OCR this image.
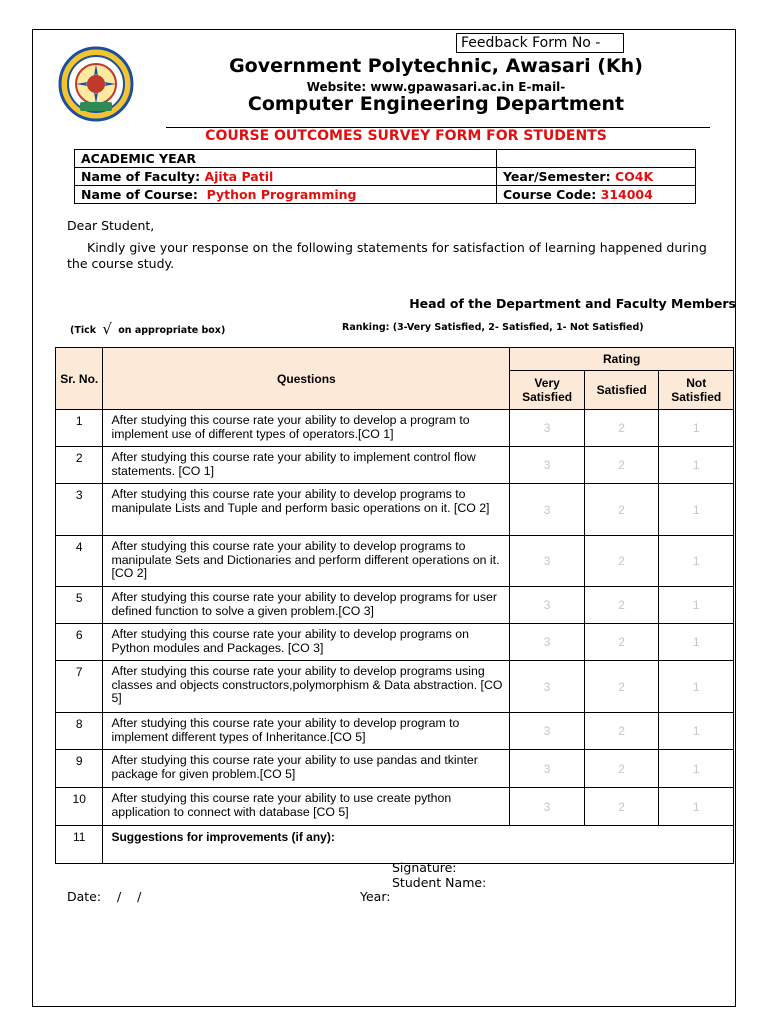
Feedback Form No -
Government Polytechnic, Awasari (Kh)
Website: www.gpawasari.ac.in E-mail-
Computer Engineering Department
COURSE OUTCOMES SURVEY FORM FOR STUDENTS
ACADEMIC YEAR	
Name of Faculty: Ajita Patil	Year/Semester: CO4K
Name of Course: Python Programming	Course Code: 314004
Dear Student,
Kindly give your response on the following statements for satisfaction of learning happened during the course study.
Head of the Department and Faculty Members
(Tick √ on appropriate box)	Ranking: (3-Very Satisfied, 2- Satisfied, 1- Not Satisfied)
Sr. No.	Questions	Rating		
		Very Satisfied	Satisfied	Not Satisfied
1	After studying this course rate your ability to develop a program to implement use of different types of operators.[CO 1]	3	2	1
2	After studying this course rate your ability to implement control flow statements. [CO 1]	3	2	1
3	After studying this course rate your ability to develop programs to manipulate Lists and Tuple and perform basic operations on it. [CO 2]	3	2	1
4	After studying this course rate your ability to develop programs to manipulate Sets and Dictionaries and perform different operations on it.[CO 2]	3	2	1
5	After studying this course rate your ability to develop programs for user defined function to solve a given problem.[CO 3]	3	2	1
6	After studying this course rate your ability to develop programs on Python modules and Packages. [CO 3]	3	2	1
7	After studying this course rate your ability to develop programs using classes and objects constructors,polymorphism & Data abstraction. [CO 5]	3	2	1
8	After studying this course rate your ability to develop program to implement different types of Inheritance.[CO 5]	3	2	1
9	After studying this course rate your ability to use pandas and tkinter package for given problem.[CO 5]	3	2	1
10	After studying this course rate your ability to use create python application to connect with database [CO 5]	3	2	1
11	Suggestions for improvements (if any):			
Signature:
Student Name:
Date:    /    /	Year:
